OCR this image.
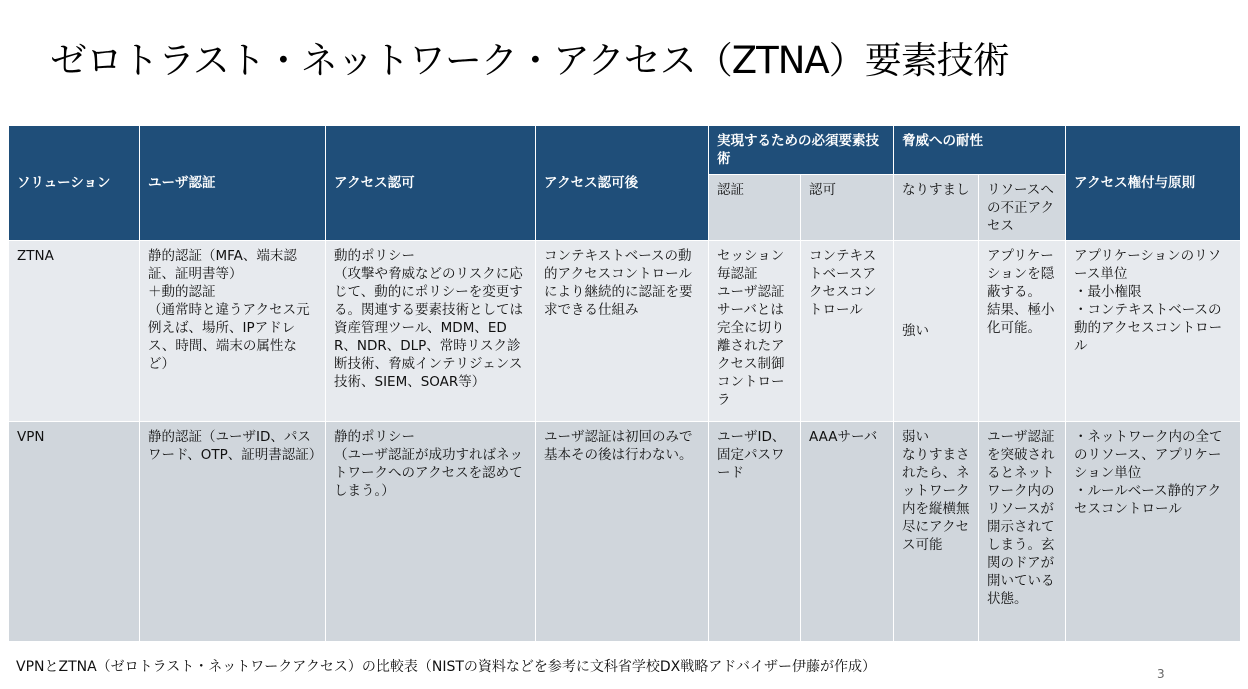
ゼロトラスト・ネットワーク・アクセス（ZTNA）要素技術
ソリューション	ユーザ認証	アクセス認可	アクセス認可後	実現するための必須要素技術		脅威への耐性		アクセス権付与原則
				認証	認可	なりすまし	リソースへの不正アクセス	
ZTNA	静的認証（MFA、端末認証、証明書等）
＋動的認証
（通常時と違うアクセス元例えば、場所、IPアドレス、時間、端末の属性など）	動的ポリシー
（攻撃や脅威などのリスクに応じて、動的にポリシーを変更する。関連する要素技術としては資産管理ツール、MDM、EDR、NDR、DLP、常時リスク診断技術、脅威インテリジェンス技術、SIEM、SOAR等）	コンテキストベースの動的アクセスコントロールにより継続的に認証を要求できる仕組み	セッション毎認証
ユーザ認証サーバとは完全に切り離されたアクセス制御コントローラ	コンテキストベースアクセスコントロール	強い	アプリケーションを隠蔽する。
結果、極小化可能。	アプリケーションのリソース単位
・最小権限
・コンテキストベースの動的アクセスコントロール
VPN	静的認証（ユーザID、パスワード、OTP、証明書認証）	静的ポリシー
（ユーザ認証が成功すればネットワークへのアクセスを認めてしまう。）	ユーザ認証は初回のみで基本その後は行わない。	ユーザID、固定パスワード	AAAサーバ	弱い
なりすまされたら、ネットワーク内を縦横無尽にアクセス可能	ユーザ認証を突破されるとネットワーク内のリソースが開示されてしまう。玄関のドアが開いている状態。	・ネットワーク内の全てのリソース、アプリケーション単位
・ルールベース静的アクセスコントロール
VPNとZTNA（ゼロトラスト・ネットワークアクセス）の比較表（NISTの資料などを参考に文科省学校DX戦略アドバイザー伊藤が作成）	3
